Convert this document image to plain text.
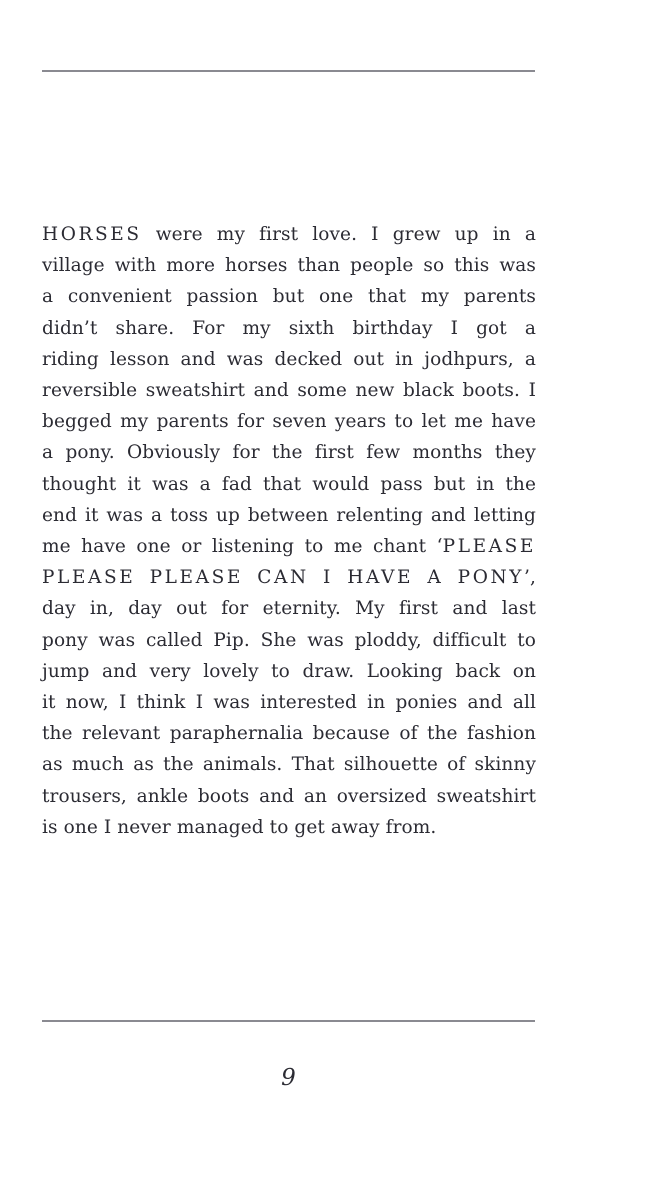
HORSES were my first love. I grew up in a
village with more horses than people so this was
a convenient passion but one that my parents
didn’t share. For my sixth birthday I got a
riding lesson and was decked out in jodhpurs, a
reversible sweatshirt and some new black boots. I
begged my parents for seven years to let me have
a pony. Obviously for the first few months they
thought it was a fad that would pass but in the
end it was a toss up between relenting and letting
me have one or listening to me chant ‘PLEASE
PLEASE PLEASE CAN I HAVE A PONY’,
day in, day out for eternity. My first and last
pony was called Pip. She was ploddy, difficult to
jump and very lovely to draw. Looking back on
it now, I think I was interested in ponies and all
the relevant paraphernalia because of the fashion
as much as the animals. That silhouette of skinny
trousers, ankle boots and an oversized sweatshirt
is one I never managed to get away from.
9
